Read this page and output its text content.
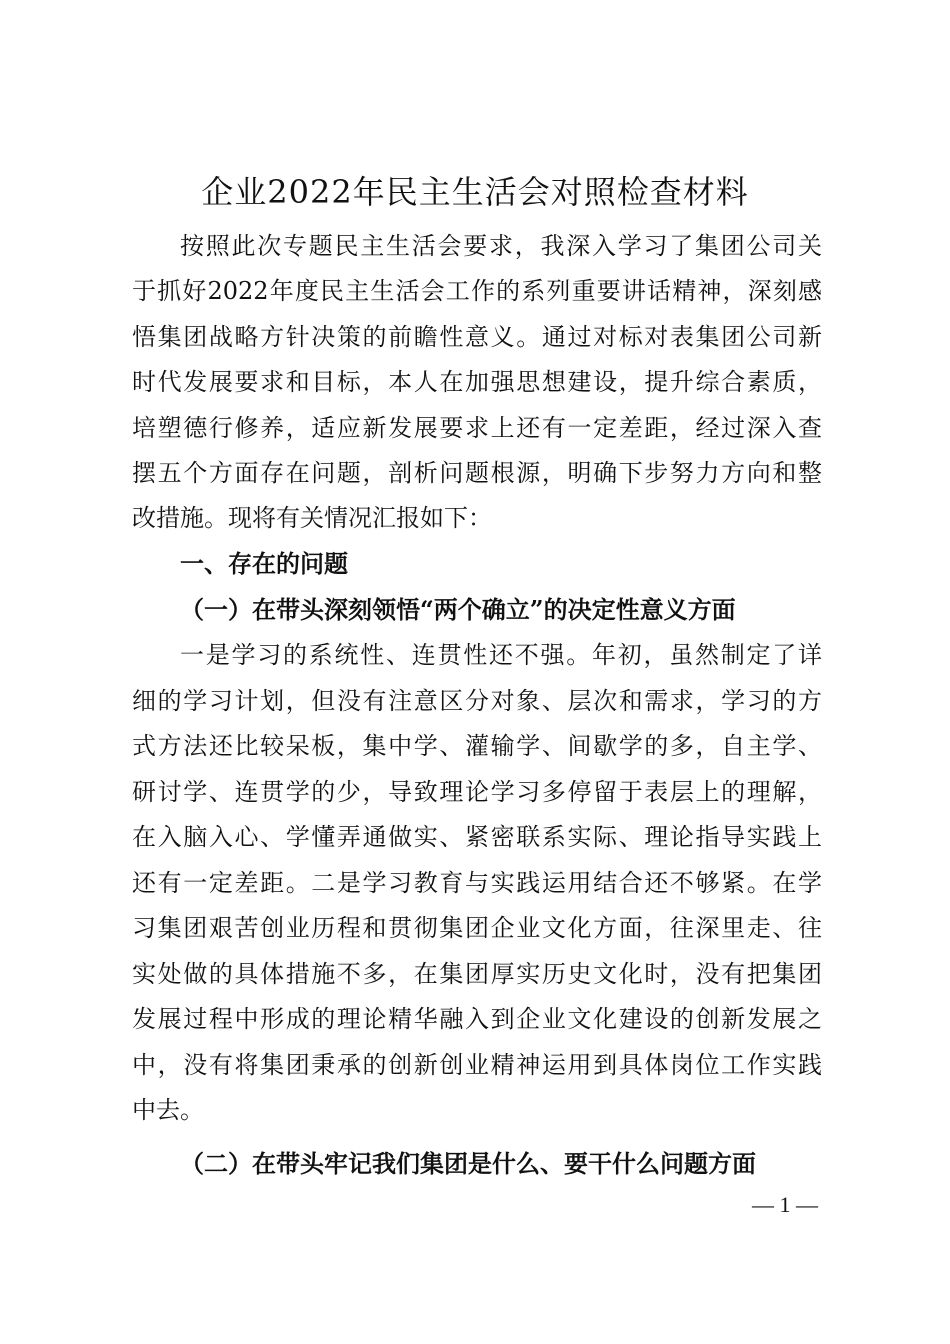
企业2022年民主生活会对照检查材料
按照此次专题民主生活会要求，我深入学习了集团公司关
于抓好2022年度民主生活会工作的系列重要讲话精神，深刻感
悟集团战略方针决策的前瞻性意义。通过对标对表集团公司新
时代发展要求和目标，本人在加强思想建设，提升综合素质，
培塑德行修养，适应新发展要求上还有一定差距，经过深入查
摆五个方面存在问题，剖析问题根源，明确下步努力方向和整
改措施。现将有关情况汇报如下：
一、存在的问题
（一）在带头深刻领悟“两个确立”的决定性意义方面
一是学习的系统性、连贯性还不强。年初，虽然制定了详
细的学习计划，但没有注意区分对象、层次和需求，学习的方
式方法还比较呆板，集中学、灌输学、间歇学的多，自主学、
研讨学、连贯学的少，导致理论学习多停留于表层上的理解，
在入脑入心、学懂弄通做实、紧密联系实际、理论指导实践上
还有一定差距。二是学习教育与实践运用结合还不够紧。在学
习集团艰苦创业历程和贯彻集团企业文化方面，往深里走、往
实处做的具体措施不多，在集团厚实历史文化时，没有把集团
发展过程中形成的理论精华融入到企业文化建设的创新发展之
中，没有将集团秉承的创新创业精神运用到具体岗位工作实践
中去。
（二）在带头牢记我们集团是什么、要干什么问题方面
— 1 —
